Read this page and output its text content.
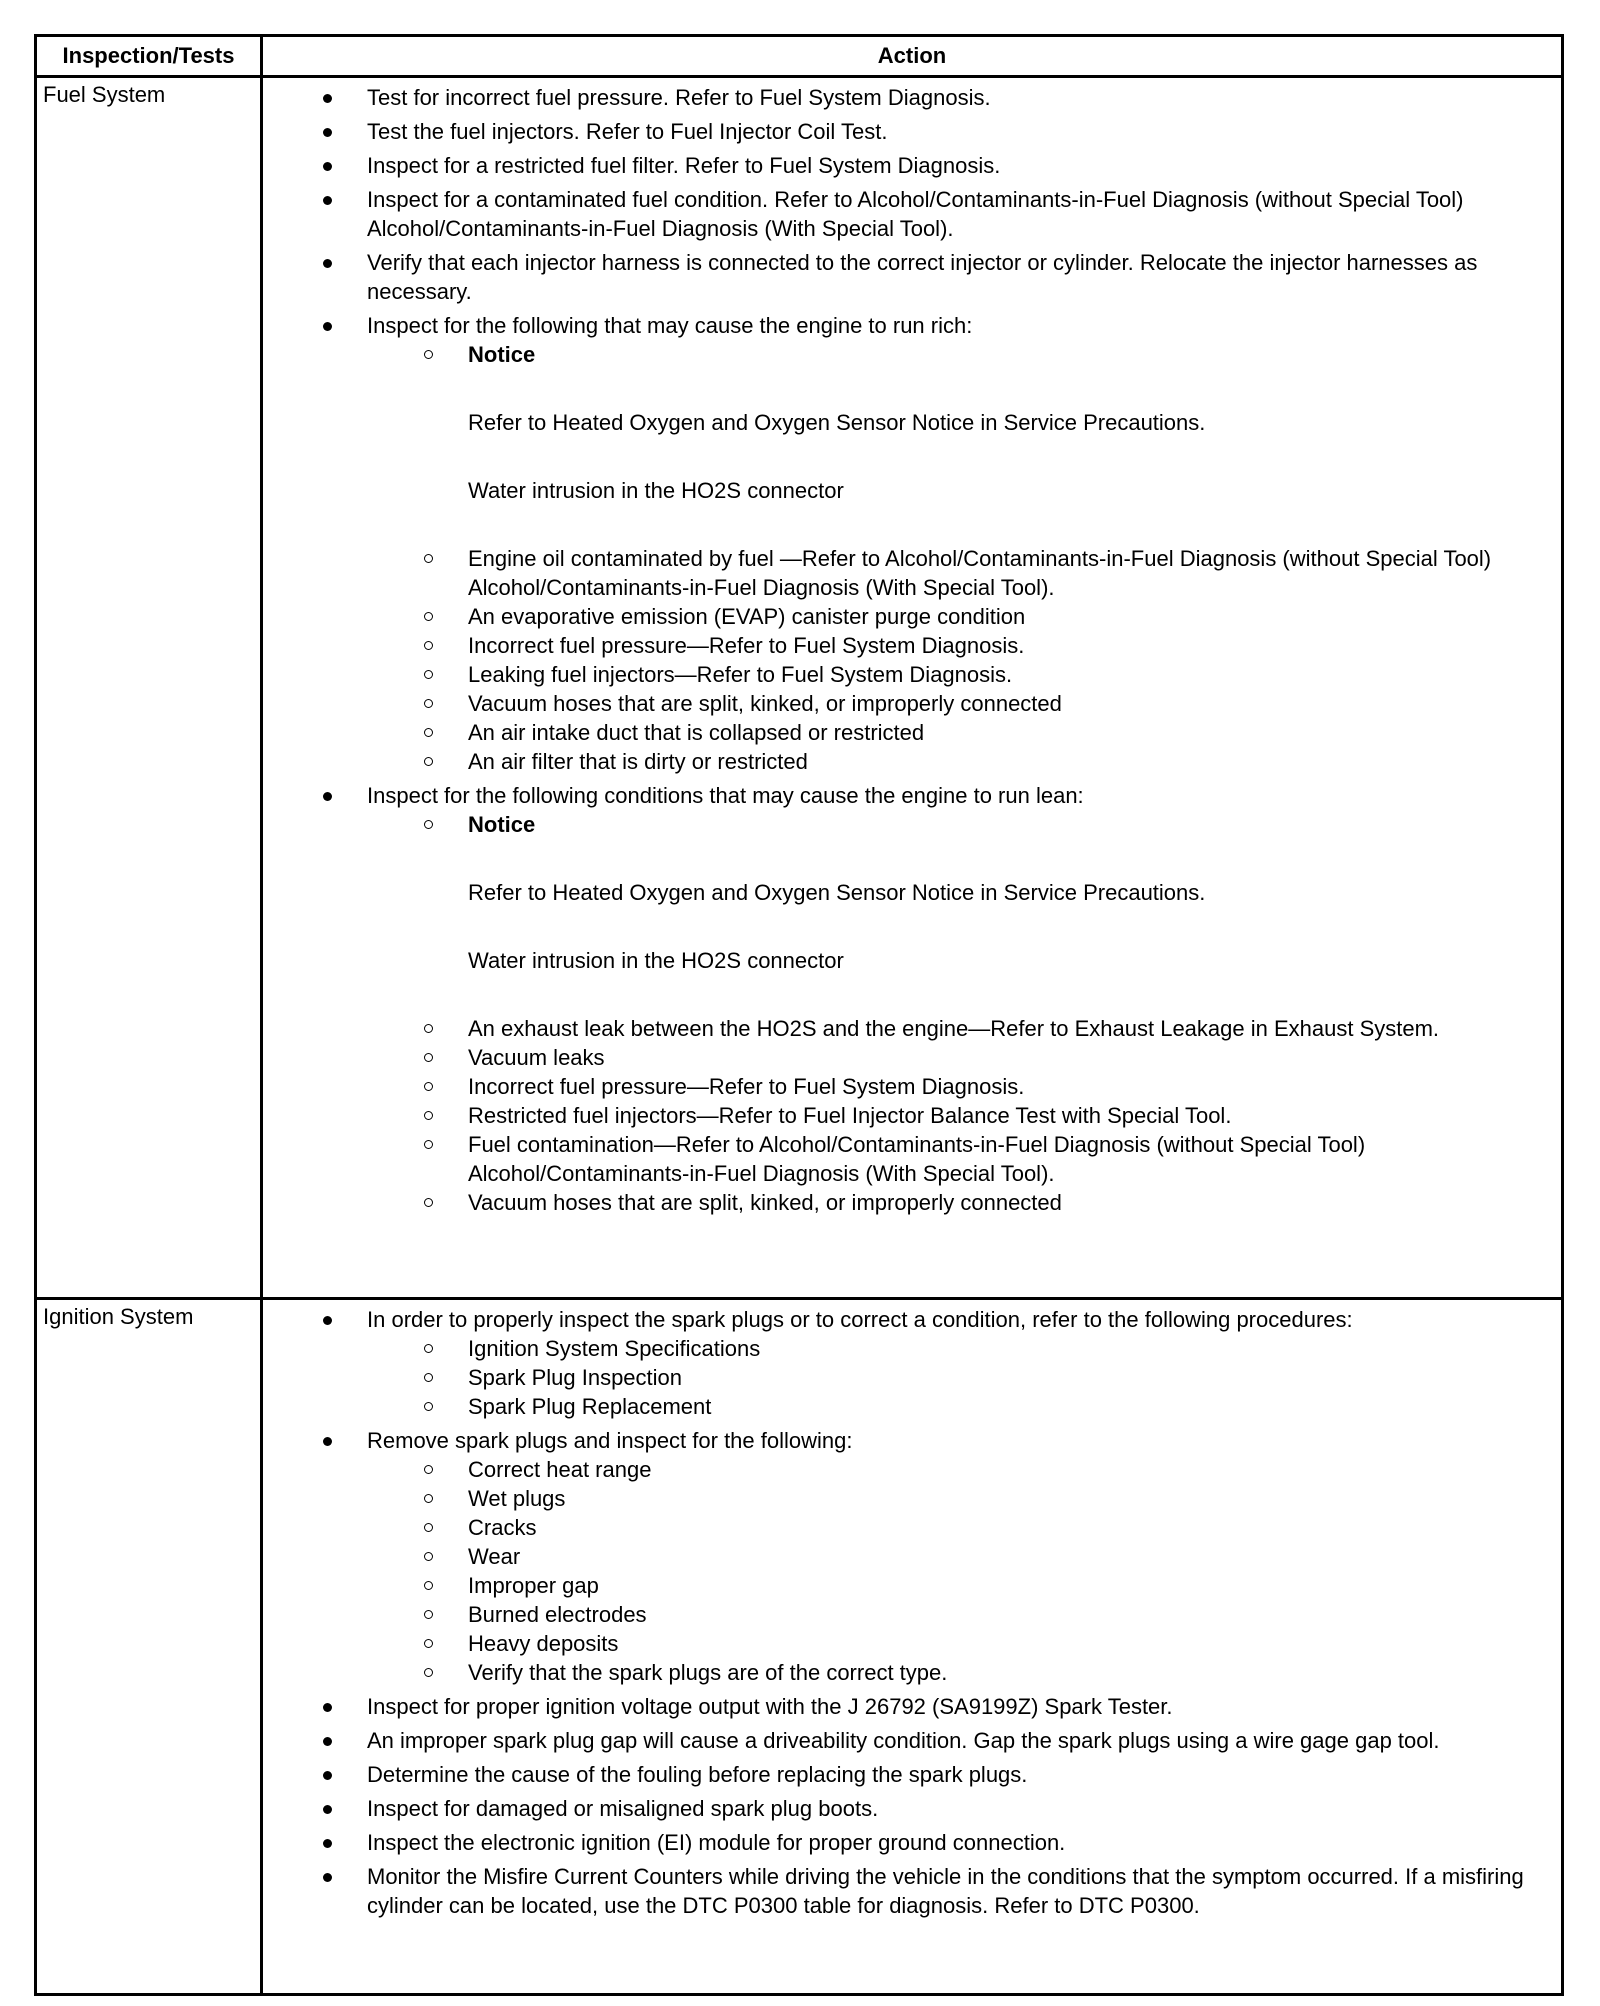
Inspection/Tests	Action
Fuel System	Test for incorrect fuel pressure. Refer to Fuel System Diagnosis.
Test the fuel injectors. Refer to Fuel Injector Coil Test.
Inspect for a restricted fuel filter. Refer to Fuel System Diagnosis.
Inspect for a contaminated fuel condition. Refer to Alcohol/Contaminants-in-Fuel Diagnosis (without Special Tool) Alcohol/Contaminants-in-Fuel Diagnosis (With Special Tool).
Verify that each injector harness is connected to the correct injector or cylinder. Relocate the injector harnesses as necessary.
Inspect for the following that may cause the engine to run rich:
Notice
Refer to Heated Oxygen and Oxygen Sensor Notice in Service Precautions.
Water intrusion in the HO2S connector
Engine oil contaminated by fuel —Refer to Alcohol/Contaminants-in-Fuel Diagnosis (without Special Tool) Alcohol/Contaminants-in-Fuel Diagnosis (With Special Tool).
An evaporative emission (EVAP) canister purge condition
Incorrect fuel pressure—Refer to Fuel System Diagnosis.
Leaking fuel injectors—Refer to Fuel System Diagnosis.
Vacuum hoses that are split, kinked, or improperly connected
An air intake duct that is collapsed or restricted
An air filter that is dirty or restricted
Inspect for the following conditions that may cause the engine to run lean:
Notice
Refer to Heated Oxygen and Oxygen Sensor Notice in Service Precautions.
Water intrusion in the HO2S connector
An exhaust leak between the HO2S and the engine—Refer to Exhaust Leakage in Exhaust System.
Vacuum leaks
Incorrect fuel pressure—Refer to Fuel System Diagnosis.
Restricted fuel injectors—Refer to Fuel Injector Balance Test with Special Tool.
Fuel contamination—Refer to Alcohol/Contaminants-in-Fuel Diagnosis (without Special Tool) Alcohol/Contaminants-in-Fuel Diagnosis (With Special Tool).
Vacuum hoses that are split, kinked, or improperly connected
Ignition System	In order to properly inspect the spark plugs or to correct a condition, refer to the following procedures:
Ignition System Specifications
Spark Plug Inspection
Spark Plug Replacement
Remove spark plugs and inspect for the following:
Correct heat range
Wet plugs
Cracks
Wear
Improper gap
Burned electrodes
Heavy deposits
Verify that the spark plugs are of the correct type.
Inspect for proper ignition voltage output with the J 26792 (SA9199Z) Spark Tester.
An improper spark plug gap will cause a driveability condition. Gap the spark plugs using a wire gage gap tool.
Determine the cause of the fouling before replacing the spark plugs.
Inspect for damaged or misaligned spark plug boots.
Inspect the electronic ignition (EI) module for proper ground connection.
Monitor the Misfire Current Counters while driving the vehicle in the conditions that the symptom occurred. If a misfiring cylinder can be located, use the DTC P0300 table for diagnosis. Refer to DTC P0300.
